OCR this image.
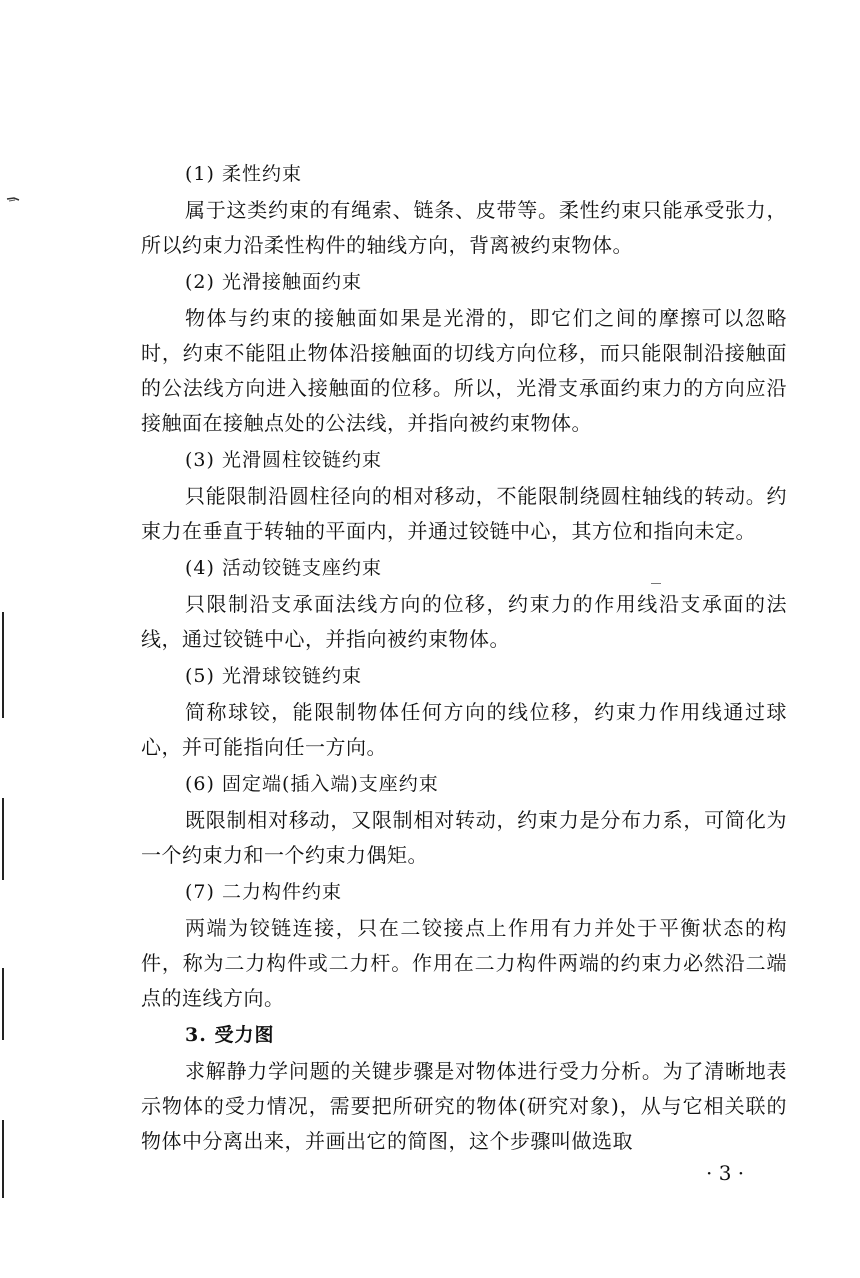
(1) 柔性约束
属于这类约束的有绳索、链条、皮带等。柔性约束只能承受张力，所以约束力沿柔性构件的轴线方向，背离被约束物体。
(2) 光滑接触面约束
物体与约束的接触面如果是光滑的，即它们之间的摩擦可以忽略时，约束不能阻止物体沿接触面的切线方向位移，而只能限制沿接触面的公法线方向进入接触面的位移。所以，光滑支承面约束力的方向应沿接触面在接触点处的公法线，并指向被约束物体。
(3) 光滑圆柱铰链约束
只能限制沿圆柱径向的相对移动，不能限制绕圆柱轴线的转动。约束力在垂直于转轴的平面内，并通过铰链中心，其方位和指向未定。
(4) 活动铰链支座约束
只限制沿支承面法线方向的位移，约束力的作用线沿支承面的法线，通过铰链中心，并指向被约束物体。
(5) 光滑球铰链约束
简称球铰，能限制物体任何方向的线位移，约束力作用线通过球心，并可能指向任一方向。
(6) 固定端(插入端)支座约束
既限制相对移动，又限制相对转动，约束力是分布力系，可简化为一个约束力和一个约束力偶矩。
(7) 二力构件约束
两端为铰链连接，只在二铰接点上作用有力并处于平衡状态的构件，称为二力构件或二力杆。作用在二力构件两端的约束力必然沿二端点的连线方向。
3. 受力图
求解静力学问题的关键步骤是对物体进行受力分析。为了清晰地表示物体的受力情况，需要把所研究的物体(研究对象)，从与它相关联的物体中分离出来，并画出它的简图，这个步骤叫做选取
· 3 ·
